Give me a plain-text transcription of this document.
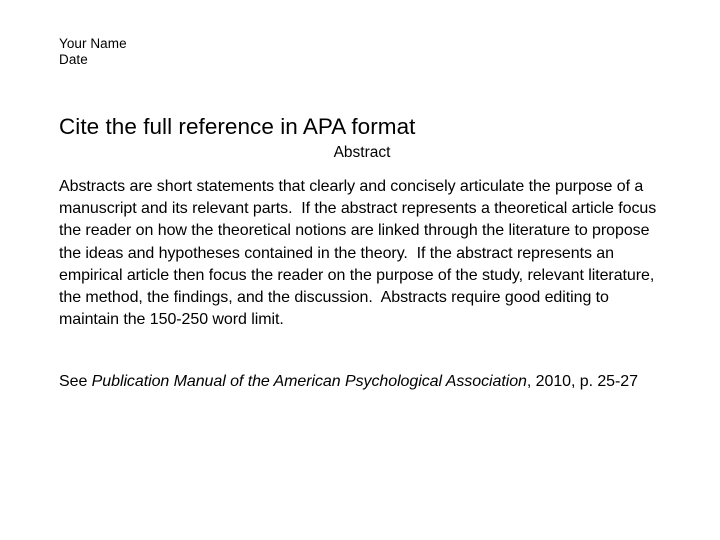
Your Name
Date
Cite the full reference in APA format
Abstract

Abstracts are short statements that clearly and concisely articulate the purpose of a manuscript and its relevant parts.  If the abstract represents a theoretical article focus the reader on how the theoretical notions are linked through the literature to propose the ideas and hypotheses contained in the theory.  If the abstract represents an empirical article then focus the reader on the purpose of the study, relevant literature, the method, the findings, and the discussion.  Abstracts require good editing to maintain the 150-250 word limit.

See Publication Manual of the American Psychological Association, 2010, p. 25-27
